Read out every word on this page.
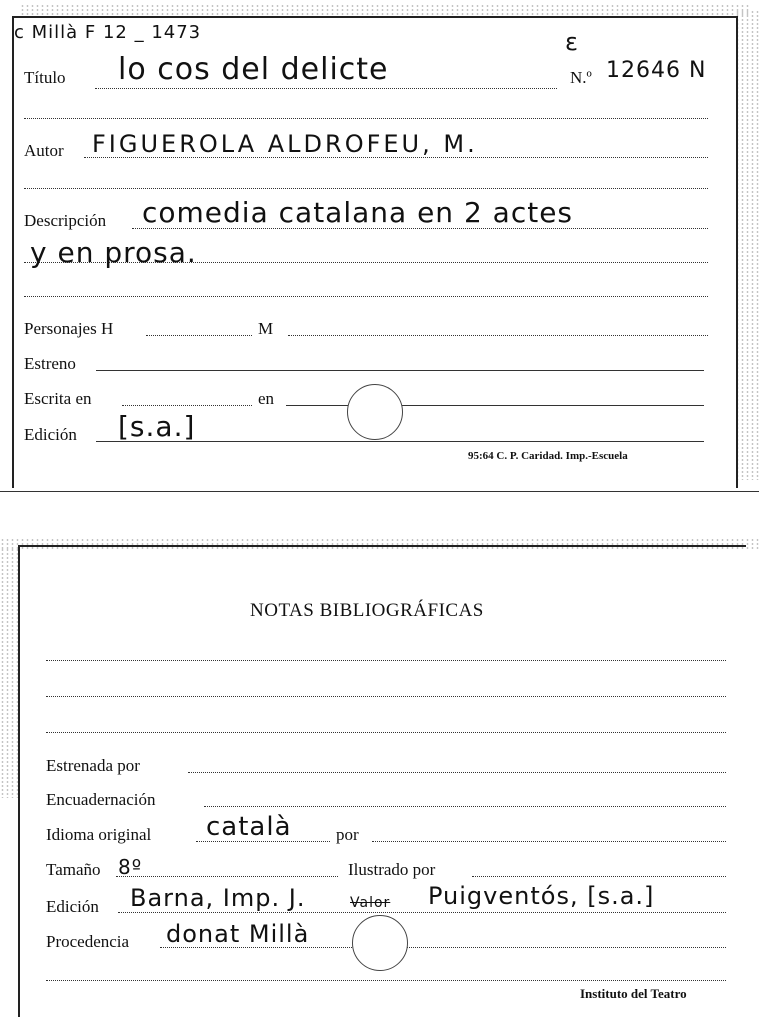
c Millà F 12 _ 1473
Título lo cos del delicte
ε
N.º 12646 N
Autor FIGUEROLA ALDROFEU, M.
Descripción comedia catalana en 2 actes
y en prosa.
Personajes H	M
Estreno
Escrita en	en
Edición [s.a.]
95:64 C. P. Caridad. Imp.-Escuela
NOTAS BIBLIOGRÁFICAS
Estrenada por
Encuadernación
Idioma original català	por
Tamaño 8º	Ilustrado por
Edición Barna, Imp. J.	Valor Puigventós, [s.a.]
Procedencia donat Millà
Instituto del Teatro
